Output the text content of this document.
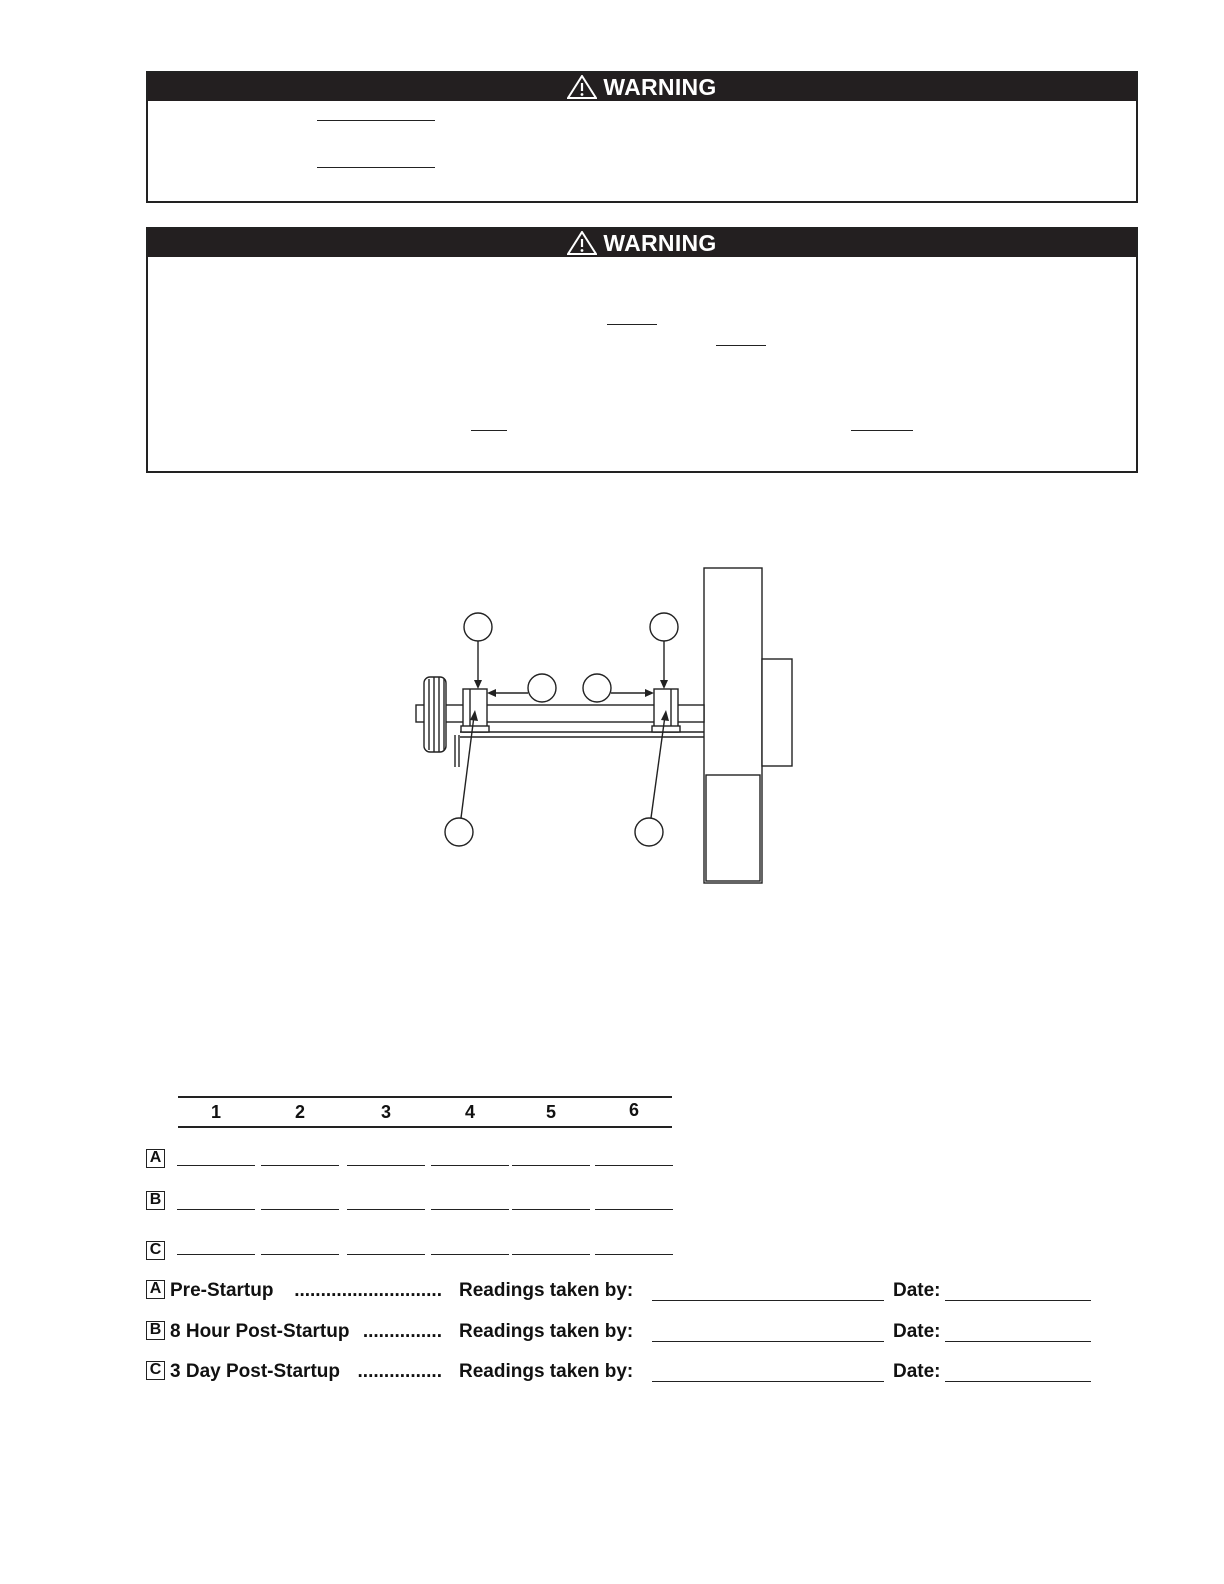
WARNING
WARNING
1	2	3	4	5	6
A
B
C
A Pre-Startup	............................ Readings taken by:	Date:
B 8 Hour Post-Startup ............... Readings taken by:	Date:
C 3 Day Post-Startup ................ Readings taken by:	Date:
